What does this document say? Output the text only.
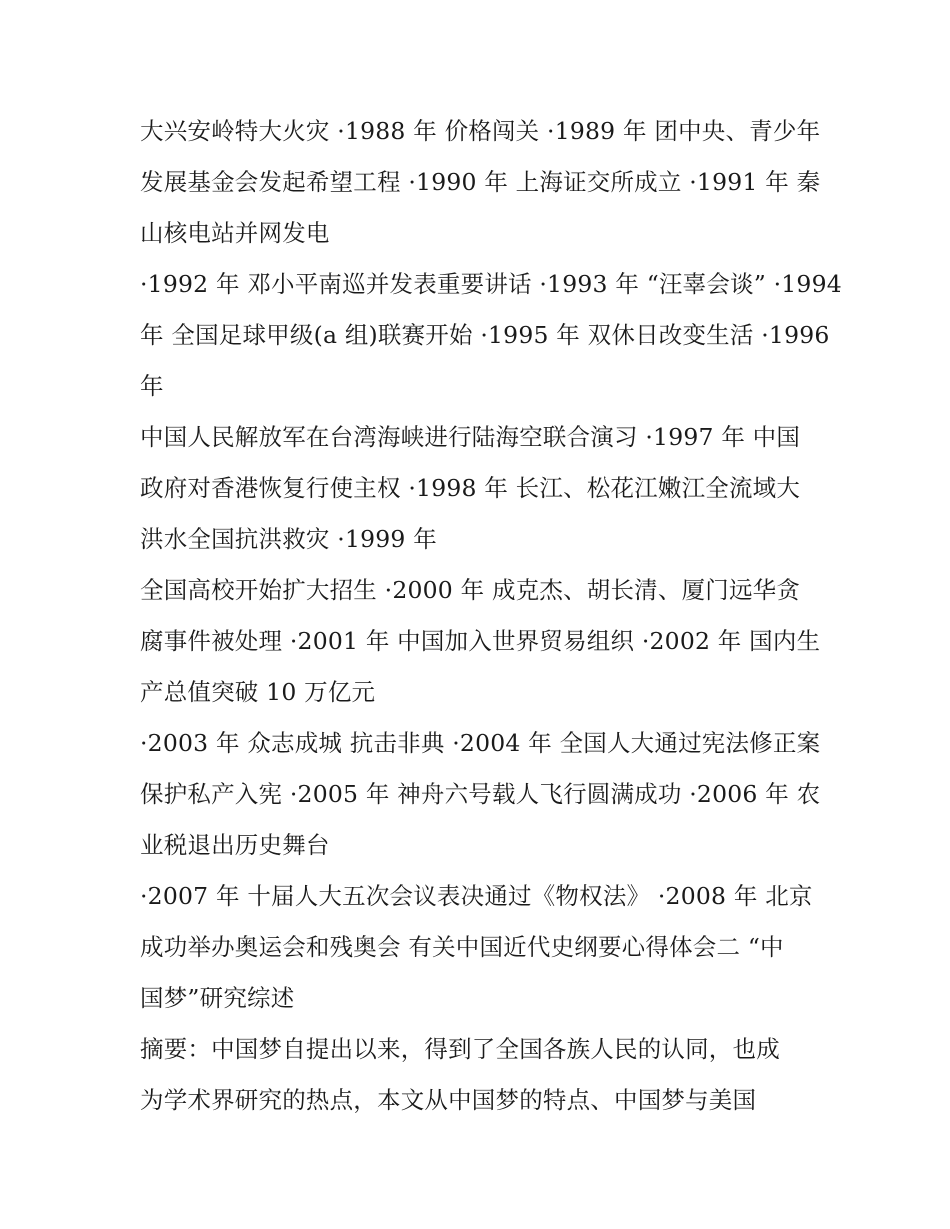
大兴安岭特大火灾 ·1988 年 价格闯关 ·1989 年 团中央、青少年
发展基金会发起希望工程 ·1990 年 上海证交所成立 ·1991 年 秦
山核电站并网发电
·1992 年 邓小平南巡并发表重要讲话 ·1993 年 “汪辜会谈” ·1994
年 全国足球甲级(a 组)联赛开始 ·1995 年 双休日改变生活 ·1996
年
中国人民解放军在台湾海峡进行陆海空联合演习 ·1997 年 中国
政府对香港恢复行使主权 ·1998 年 长江、松花江嫩江全流域大
洪水全国抗洪救灾 ·1999 年
全国高校开始扩大招生 ·2000 年 成克杰、胡长清、厦门远华贪
腐事件被处理 ·2001 年 中国加入世界贸易组织 ·2002 年 国内生
产总值突破 10 万亿元
·2003 年 众志成城 抗击非典 ·2004 年 全国人大通过宪法修正案
保护私产入宪 ·2005 年 神舟六号载人飞行圆满成功 ·2006 年 农
业税退出历史舞台
·2007 年 十届人大五次会议表决通过《物权法》 ·2008 年 北京
成功举办奥运会和残奥会 有关中国近代史纲要心得体会二 “中
国梦”研究综述
摘要：中国梦自提出以来，得到了全国各族人民的认同，也成
为学术界研究的热点，本文从中国梦的特点、中国梦与美国
